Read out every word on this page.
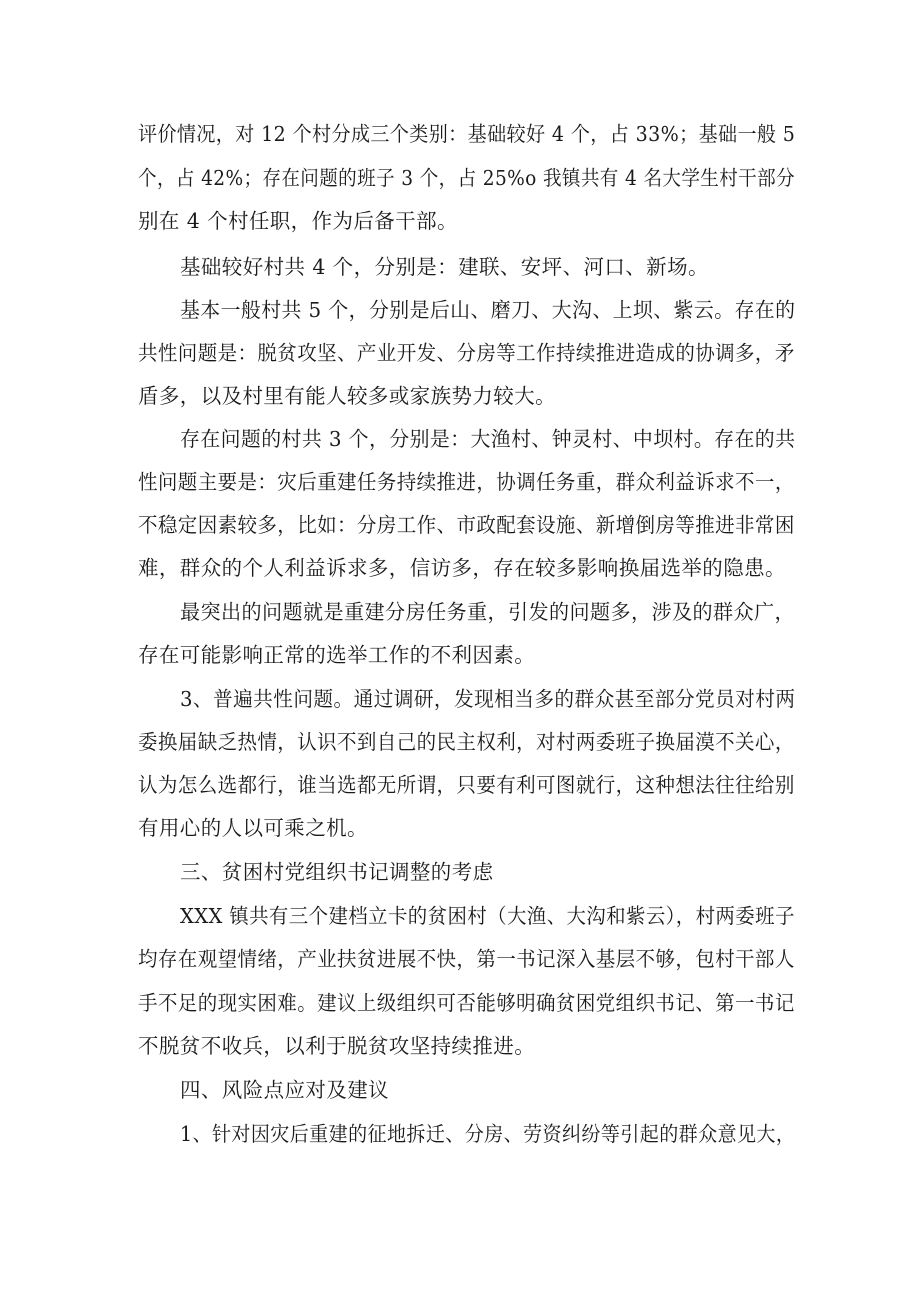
评价情况，对 12 个村分成三个类别：基础较好 4 个，占 33%；基础一般 5
个，占 42%；存在问题的班子 3 个，占 25%o 我镇共有 4 名大学生村干部分
别在 4 个村任职，作为后备干部。
基础较好村共 4 个，分别是：建联、安坪、河口、新场。
基本一般村共 5 个，分别是后山、磨刀、大沟、上坝、紫云。存在的
共性问题是：脱贫攻坚、产业开发、分房等工作持续推进造成的协调多，矛
盾多，以及村里有能人较多或家族势力较大。
存在问题的村共 3 个，分别是：大渔村、钟灵村、中坝村。存在的共
性问题主要是：灾后重建任务持续推进，协调任务重，群众利益诉求不一，
不稳定因素较多，比如：分房工作、市政配套设施、新增倒房等推进非常困
难，群众的个人利益诉求多，信访多，存在较多影响换届选举的隐患。
最突出的问题就是重建分房任务重，引发的问题多，涉及的群众广，
存在可能影响正常的选举工作的不利因素。
3、普遍共性问题。通过调研，发现相当多的群众甚至部分党员对村两
委换届缺乏热情，认识不到自己的民主权利，对村两委班子换届漠不关心，
认为怎么选都行，谁当选都无所谓，只要有利可图就行，这种想法往往给别
有用心的人以可乘之机。
三、贫困村党组织书记调整的考虑
XXX 镇共有三个建档立卡的贫困村（大渔、大沟和紫云），村两委班子
均存在观望情绪，产业扶贫进展不快，第一书记深入基层不够，包村干部人
手不足的现实困难。建议上级组织可否能够明确贫困党组织书记、第一书记
不脱贫不收兵，以利于脱贫攻坚持续推进。
四、风险点应对及建议
1、针对因灾后重建的征地拆迁、分房、劳资纠纷等引起的群众意见大，
